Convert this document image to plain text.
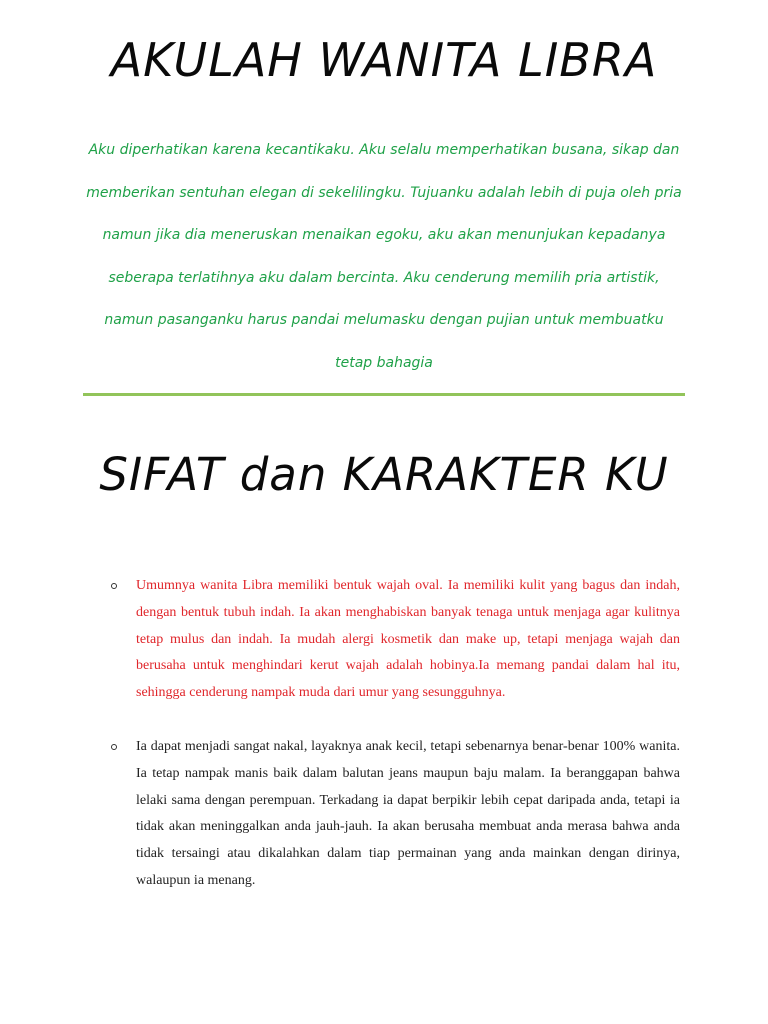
AKULAH WANITA LIBRA

Aku diperhatikan karena kecantikaku. Aku selalu memperhatikan busana, sikap dan memberikan sentuhan elegan di sekelilingku. Tujuanku adalah lebih di puja oleh pria namun jika dia meneruskan menaikan egoku, aku akan menunjukan kepadanya seberapa terlatihnya aku dalam bercinta. Aku cenderung memilih pria artistik, namun pasanganku harus pandai melumasku dengan pujian untuk membuatku tetap bahagia

SIFAT dan KARAKTER KU
Umumnya wanita Libra memiliki bentuk wajah oval. Ia memiliki kulit yang bagus dan indah, dengan bentuk tubuh indah. Ia akan menghabiskan banyak tenaga untuk menjaga agar kulitnya tetap mulus dan indah. Ia mudah alergi kosmetik dan make up, tetapi menjaga wajah dan berusaha untuk menghindari kerut wajah adalah hobinya.Ia memang pandai dalam hal itu, sehingga cenderung nampak muda dari umur yang sesungguhnya.
Ia dapat menjadi sangat nakal, layaknya anak kecil, tetapi sebenarnya benar-benar 100% wanita. Ia tetap nampak manis baik dalam balutan jeans maupun baju malam. Ia beranggapan bahwa lelaki sama dengan perempuan. Terkadang ia dapat berpikir lebih cepat daripada anda, tetapi ia tidak akan meninggalkan anda jauh-jauh. Ia akan berusaha membuat anda merasa bahwa anda tidak tersaingi atau dikalahkan dalam tiap permainan yang anda mainkan dengan dirinya, walaupun ia menang.
